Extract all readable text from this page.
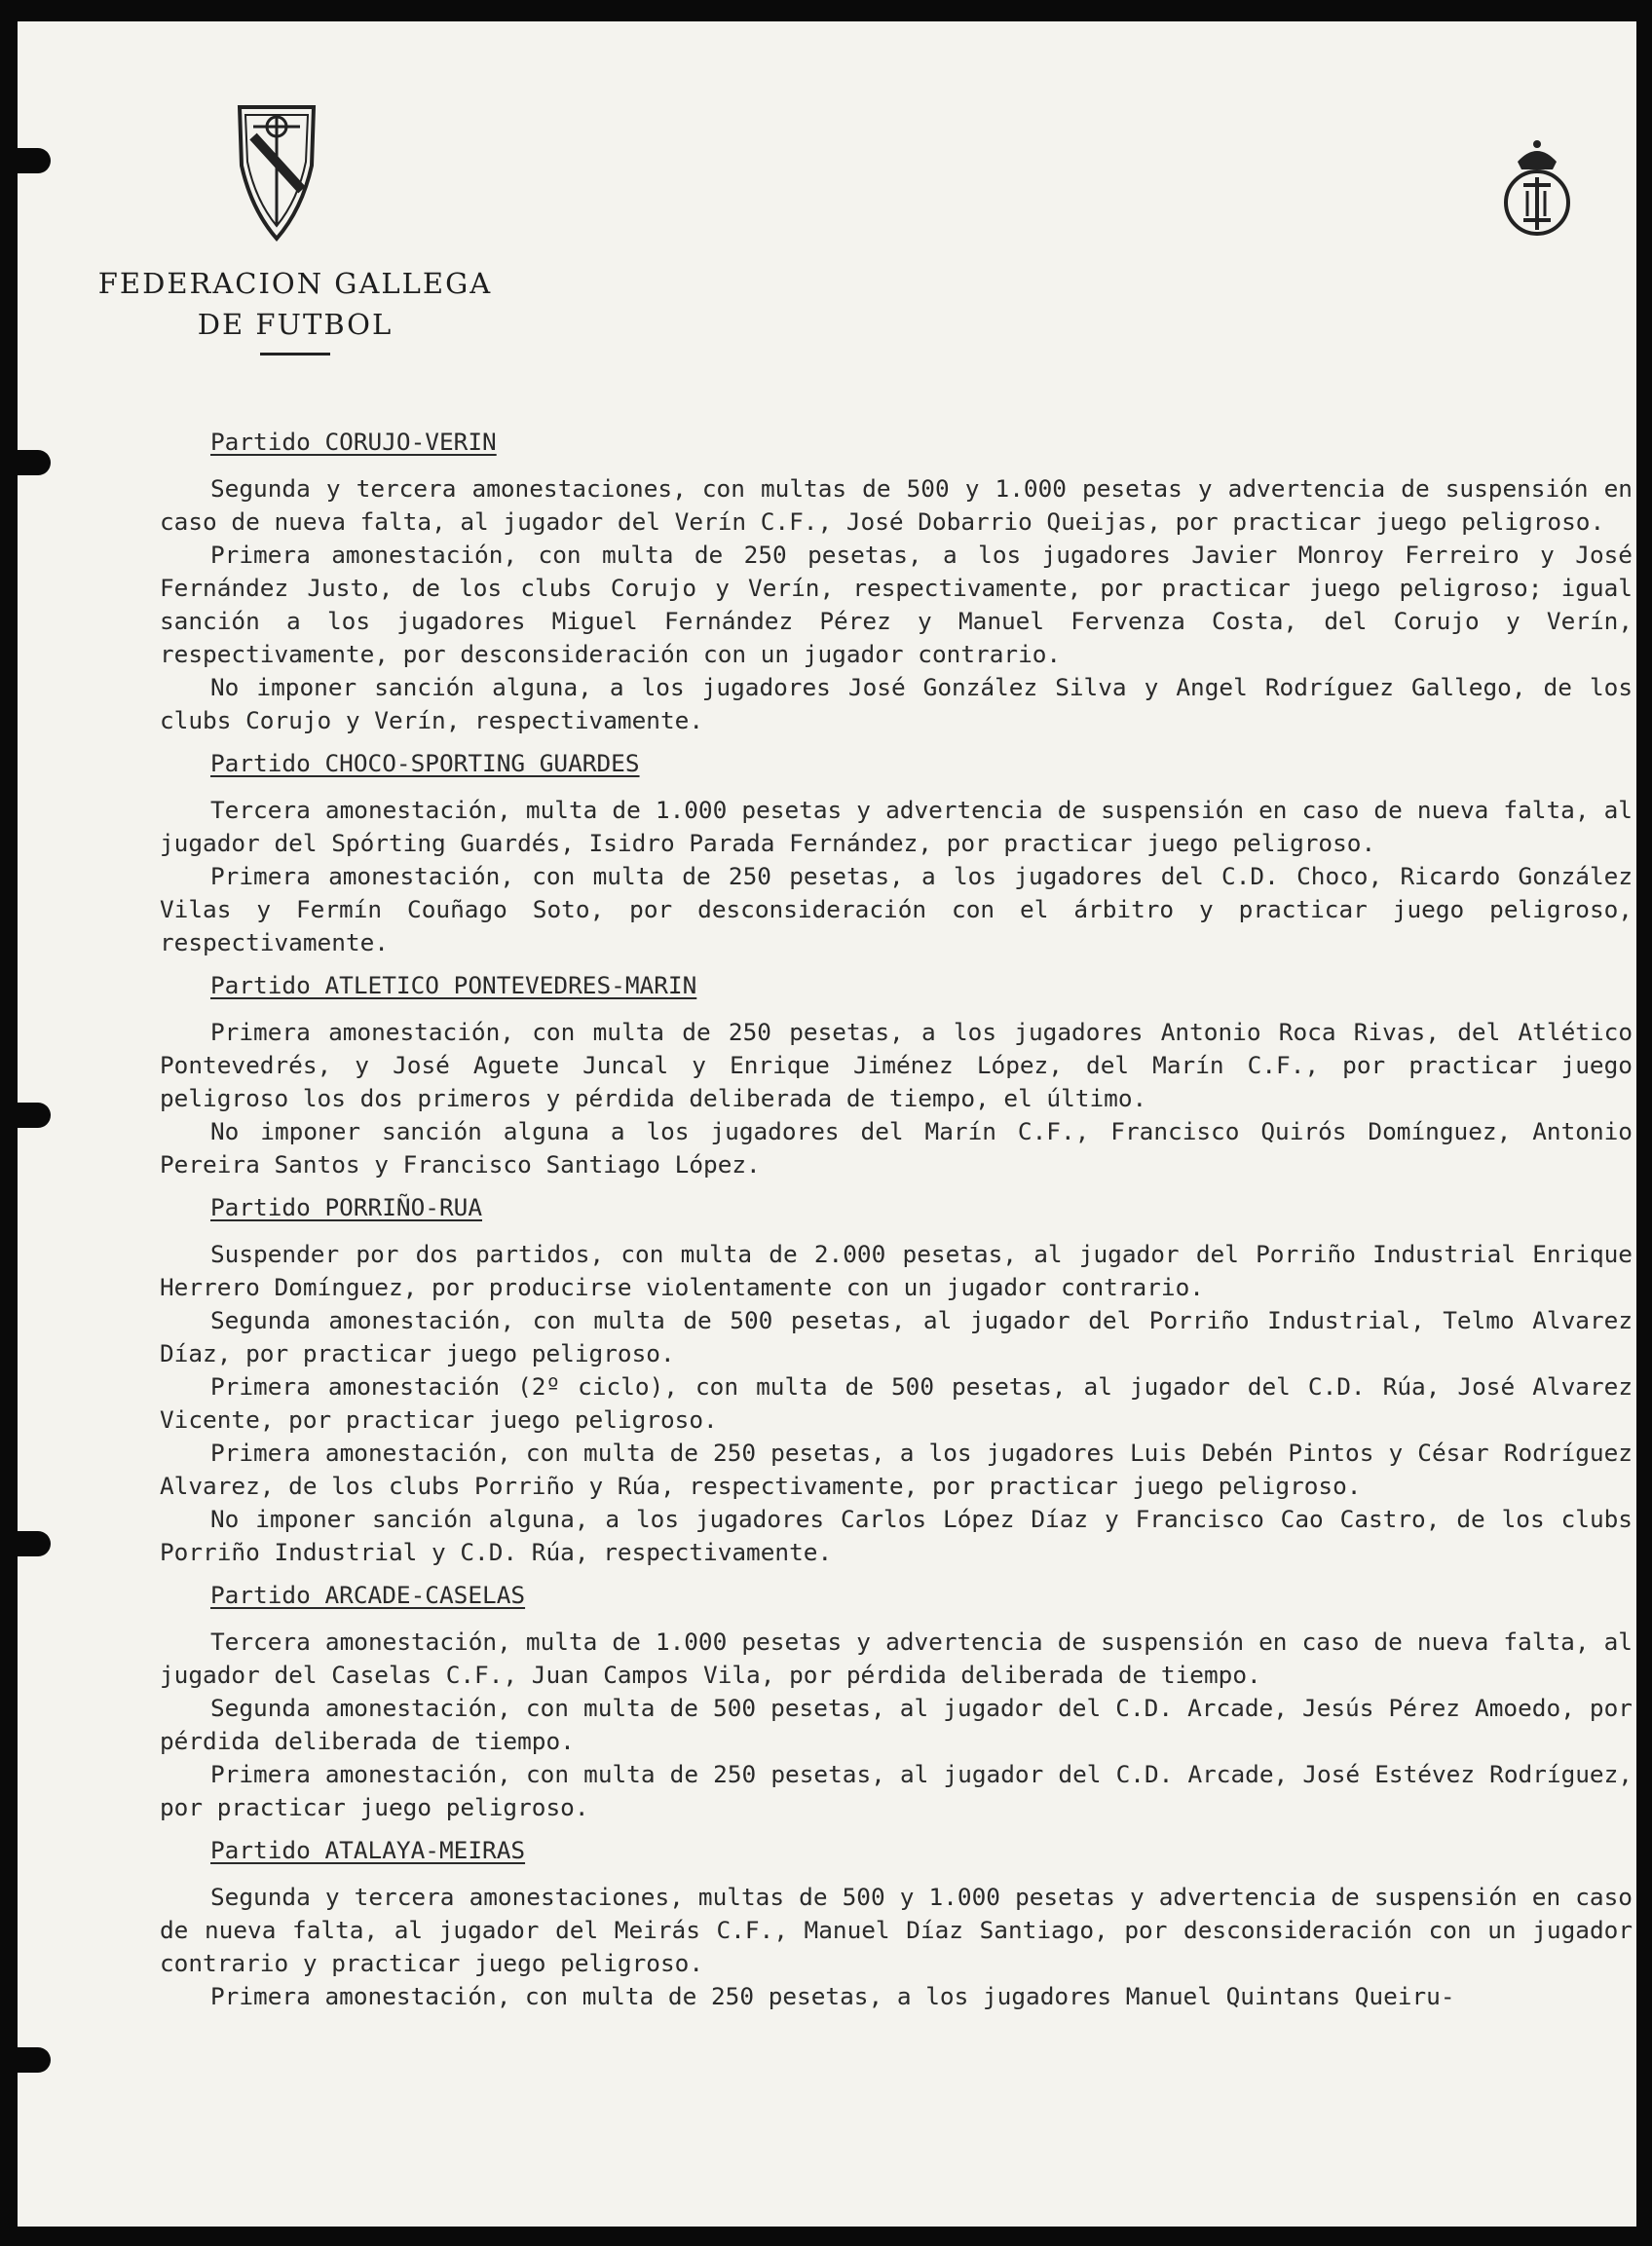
FEDERACION GALLEGA
DE FUTBOL
Partido CORUJO-VERIN

Segunda y tercera amonestaciones, con multas de 500 y 1.000 pesetas y advertencia de suspensión en caso de nueva falta, al jugador del Verín C.F., José Dobarrio Queijas, por practicar juego peligroso.

Primera amonestación, con multa de 250 pesetas, a los jugadores Javier Monroy Ferreiro y José Fernández Justo, de los clubs Corujo y Verín, respectivamente, por practicar juego peligroso; igual sanción a los jugadores Miguel Fernández Pérez y Manuel Fervenza Costa, del Corujo y Verín, respectivamente, por desconsideración con un jugador contrario.

No imponer sanción alguna, a los jugadores José González Silva y Angel Rodríguez Gallego, de los clubs Corujo y Verín, respectivamente.

Partido CHOCO-SPORTING GUARDES

Tercera amonestación, multa de 1.000 pesetas y advertencia de suspensión en caso de nueva falta, al jugador del Spórting Guardés, Isidro Parada Fernández, por practicar juego peligroso.

Primera amonestación, con multa de 250 pesetas, a los jugadores del C.D. Choco, Ricardo González Vilas y Fermín Couñago Soto, por desconsideración con el árbitro y practicar juego peligroso, respectivamente.

Partido ATLETICO PONTEVEDRES-MARIN

Primera amonestación, con multa de 250 pesetas, a los jugadores Antonio Roca Rivas, del Atlético Pontevedrés, y José Aguete Juncal y Enrique Jiménez López, del Marín C.F., por practicar juego peligroso los dos primeros y pérdida deliberada de tiempo, el último.

No imponer sanción alguna a los jugadores del Marín C.F., Francisco Quirós Domínguez, Antonio Pereira Santos y Francisco Santiago López.

Partido PORRIÑO-RUA

Suspender por dos partidos, con multa de 2.000 pesetas, al jugador del Porriño Industrial Enrique Herrero Domínguez, por producirse violentamente con un jugador contrario.

Segunda amonestación, con multa de 500 pesetas, al jugador del Porriño Industrial, Telmo Alvarez Díaz, por practicar juego peligroso.

Primera amonestación (2º ciclo), con multa de 500 pesetas, al jugador del C.D. Rúa, José Alvarez Vicente, por practicar juego peligroso.

Primera amonestación, con multa de 250 pesetas, a los jugadores Luis Debén Pintos y César Rodríguez Alvarez, de los clubs Porriño y Rúa, respectivamente, por practicar juego peligroso.

No imponer sanción alguna, a los jugadores Carlos López Díaz y Francisco Cao Castro, de los clubs Porriño Industrial y C.D. Rúa, respectivamente.

Partido ARCADE-CASELAS

Tercera amonestación, multa de 1.000 pesetas y advertencia de suspensión en caso de nueva falta, al jugador del Caselas C.F., Juan Campos Vila, por pérdida deliberada de tiempo.

Segunda amonestación, con multa de 500 pesetas, al jugador del C.D. Arcade, Jesús Pérez Amoedo, por pérdida deliberada de tiempo.

Primera amonestación, con multa de 250 pesetas, al jugador del C.D. Arcade, José Estévez Rodríguez, por practicar juego peligroso.

Partido ATALAYA-MEIRAS

Segunda y tercera amonestaciones, multas de 500 y 1.000 pesetas y advertencia de suspensión en caso de nueva falta, al jugador del Meirás C.F., Manuel Díaz Santiago, por desconsideración con un jugador contrario y practicar juego peligroso.

Primera amonestación, con multa de 250 pesetas, a los jugadores Manuel Quintans Queiru-
